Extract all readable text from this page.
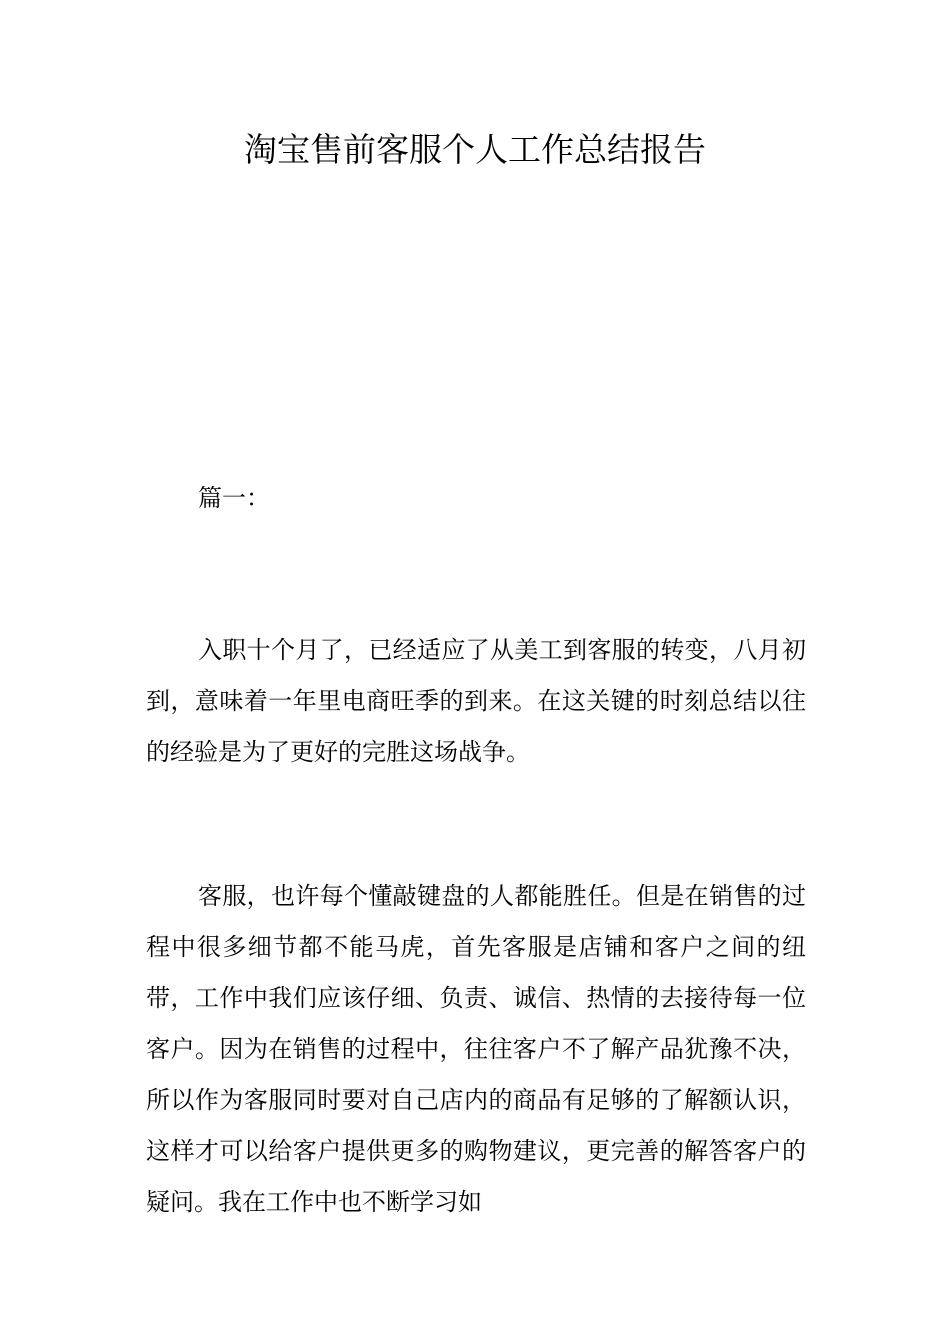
淘宝售前客服个人工作总结报告

篇一：

入职十个月了，已经适应了从美工到客服的转变，八月初到，意味着一年里电商旺季的到来。在这关键的时刻总结以往的经验是为了更好的完胜这场战争。

客服，也许每个懂敲键盘的人都能胜任。但是在销售的过程中很多细节都不能马虎，首先客服是店铺和客户之间的纽带，工作中我们应该仔细、负责、诚信、热情的去接待每一位客户。因为在销售的过程中，往往客户不了解产品犹豫不决，所以作为客服同时要对自己店内的商品有足够的了解额认识，这样才可以给客户提供更多的购物建议，更完善的解答客户的疑问。我在工作中也不断学习如
